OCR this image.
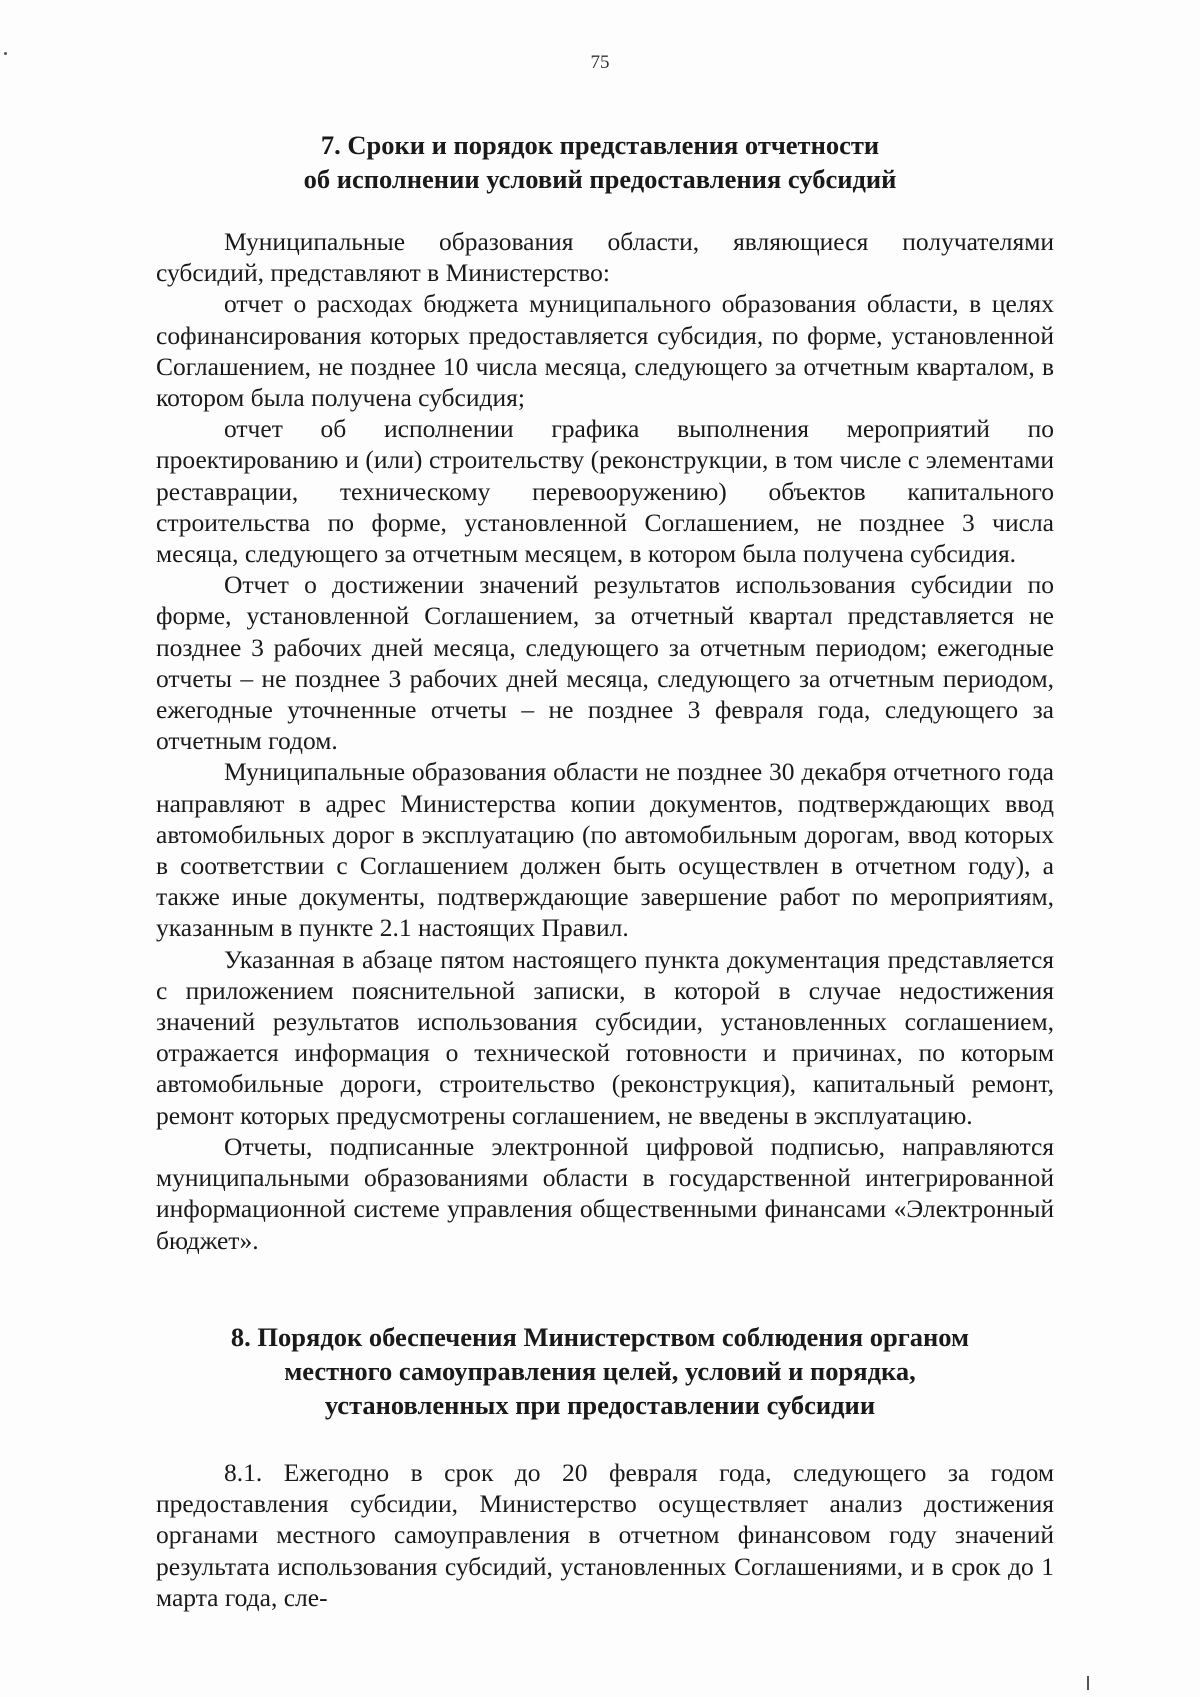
75
7. Сроки и порядок представления отчетности
об исполнении условий предоставления субсидий

Муниципальные образования области, являющиеся получателями субсидий, представляют в Министерство:

отчет о расходах бюджета муниципального образования области, в целях софинансирования которых предоставляется субсидия, по форме, установленной Соглашением, не позднее 10 числа месяца, следующего за отчетным кварталом, в котором была получена субсидия;

отчет об исполнении графика выполнения мероприятий по проектированию и (или) строительству (реконструкции, в том числе с элементами реставрации, техническому перевооружению) объектов капитального строительства по форме, установленной Соглашением, не позднее 3 числа месяца, следующего за отчетным месяцем, в котором была получена субсидия.

Отчет о достижении значений результатов использования субсидии по форме, установленной Соглашением, за отчетный квартал представляется не позднее 3 рабочих дней месяца, следующего за отчетным периодом; ежегодные отчеты – не позднее 3 рабочих дней месяца, следующего за отчетным периодом, ежегодные уточненные отчеты – не позднее 3 февраля года, следующего за отчетным годом.

Муниципальные образования области не позднее 30 декабря отчетного года направляют в адрес Министерства копии документов, подтверждающих ввод автомобильных дорог в эксплуатацию (по автомобильным дорогам, ввод которых в соответствии с Соглашением должен быть осуществлен в отчетном году), а также иные документы, подтверждающие завершение работ по мероприятиям, указанным в пункте 2.1 настоящих Правил.

Указанная в абзаце пятом настоящего пункта документация представляется с приложением пояснительной записки, в которой в случае недостижения значений результатов использования субсидии, установленных соглашением, отражается информация о технической готовности и причинах, по которым автомобильные дороги, строительство (реконструкция), капитальный ремонт, ремонт которых предусмотрены соглашением, не введены в эксплуатацию.

Отчеты, подписанные электронной цифровой подписью, направляются муниципальными образованиями области в государственной интегрированной информационной системе управления общественными финансами «Электронный бюджет».

8. Порядок обеспечения Министерством соблюдения органом
местного самоуправления целей, условий и порядка,
установленных при предоставлении субсидии

8.1. Ежегодно в срок до 20 февраля года, следующего за годом предоставления субсидии, Министерство осуществляет анализ достижения органами местного самоуправления в отчетном финансовом году значений результата использования субсидий, установленных Соглашениями, и в срок до 1 марта года, сле-
